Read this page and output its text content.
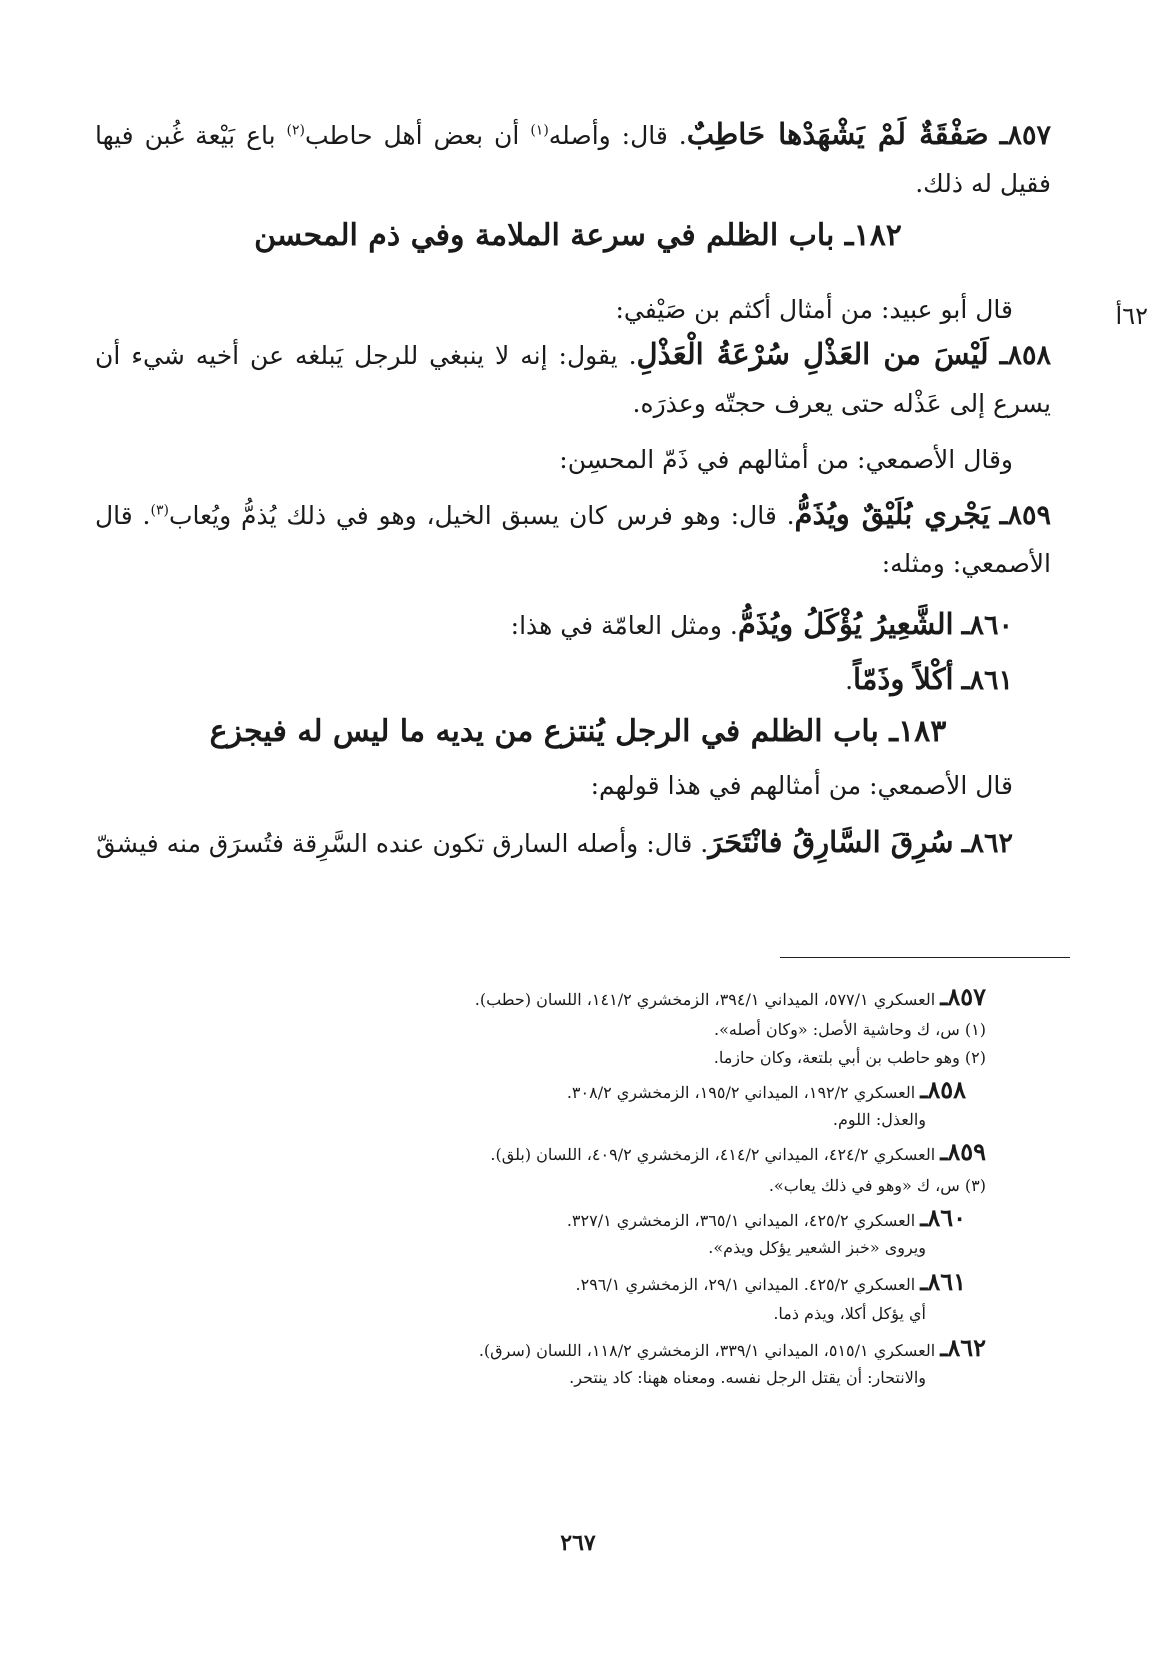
٦٢أ

٨٥٧ـ صَفْقَةٌ لَمْ يَشْهَدْها حَاطِبٌ. قال: وأصله$^{(١)}$ أن بعض أهل حاطب$^{(٢)}$ باع بَيْعة غُبن فيها فقيل له ذلك.

١٨٢ـ باب الظلم في سرعة الملامة وفي ذم المحسن

قال أبو عبيد: من أمثال أكثم بن صَيْفي:

٨٥٨ـ لَيْسَ من العَذْلِ سُرْعَةُ الْعَذْلِ. يقول: إنه لا ينبغي للرجل يَبلغه عن أخيه شيء أن يسرع إلى عَذْله حتى يعرف حجتّه وعذرَه.

وقال الأصمعي: من أمثالهم في ذَمّ المحسِن:

٨٥٩ـ يَجْري بُلَيْقٌ ويُذَمُّ. قال: وهو فرس كان يسبق الخيل، وهو في ذلك يُذمُّ ويُعاب$^{(٣)}$. قال الأصمعي: ومثله:

٨٦٠ـ الشَّعِيرُ يُؤْكَلُ ويُذَمُّ. ومثل العامّة في هذا:

٨٦١ـ أكْلاً وذَمّاً.

١٨٣ـ باب الظلم في الرجل يُنتزع من يديه ما ليس له فيجزع

قال الأصمعي: من أمثالهم في هذا قولهم:

٨٦٢ـ سُرِقَ السَّارِقُ فانْتَحَرَ. قال: وأصله السارق تكون عنده السَّرِقة فتُسرَق منه فيشقّ

٨٥٧ـ العسكري ٥٧٧/١، الميداني ٣٩٤/١، الزمخشري ١٤١/٢، اللسان (حطب).
(١) س، ك وحاشية الأصل: «وكان أصله».
(٢) وهو حاطب بن أبي بلتعة، وكان حازما.
٨٥٨ـ العسكري ١٩٢/٢، الميداني ١٩٥/٢، الزمخشري ٣٠٨/٢.
والعذل: اللوم.
٨٥٩ـ العسكري ٤٢٤/٢، الميداني ٤١٤/٢، الزمخشري ٤٠٩/٢، اللسان (بلق).
(٣) س، ك «وهو في ذلك يعاب».
٨٦٠ـ العسكري ٤٢٥/٢، الميداني ٣٦٥/١، الزمخشري ٣٢٧/١.
ويروى «خبز الشعير يؤكل ويذم».
٨٦١ـ العسكري ٤٢٥/٢. الميداني ٢٩/١، الزمخشري ٢٩٦/١.
أي يؤكل أكلا، ويذم ذما.
٨٦٢ـ العسكري ٥١٥/١، الميداني ٣٣٩/١، الزمخشري ١١٨/٢، اللسان (سرق).
والانتحار: أن يقتل الرجل نفسه. ومعناه ههنا: كاد ينتحر.
٢٦٧
